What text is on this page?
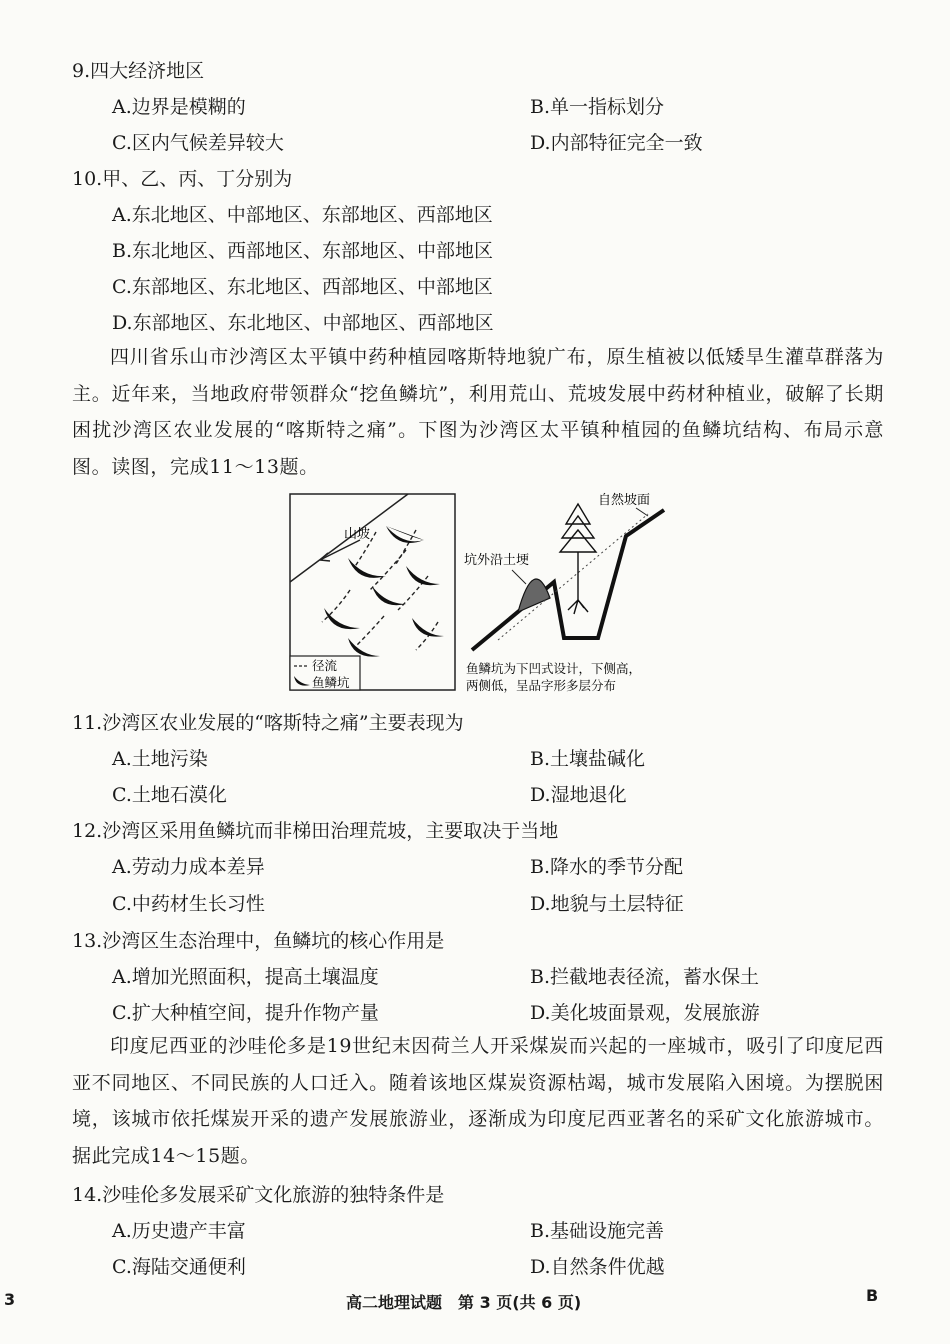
9.四大经济地区
A.边界是模糊的	B.单一指标划分
C.区内气候差异较大	D.内部特征完全一致
10.甲、乙、丙、丁分别为
A.东北地区、中部地区、东部地区、西部地区
B.东北地区、西部地区、东部地区、中部地区
C.东部地区、东北地区、西部地区、中部地区
D.东部地区、东北地区、中部地区、西部地区
四川省乐山市沙湾区太平镇中药种植园喀斯特地貌广布，原生植被以低矮旱生灌草群落为主。近年来，当地政府带领群众“挖鱼鳞坑”，利用荒山、荒坡发展中药材种植业，破解了长期困扰沙湾区农业发展的“喀斯特之痛”。下图为沙湾区太平镇种植园的鱼鳞坑结构、布局示意图。读图，完成11～13题。
山坡
径流
鱼鳞坑
自然坡面
坑外沿土埂
鱼鳞坑为下凹式设计，下侧高，
两侧低，呈品字形多层分布
11.沙湾区农业发展的“喀斯特之痛”主要表现为
A.土地污染	B.土壤盐碱化
C.土地石漠化	D.湿地退化
12.沙湾区采用鱼鳞坑而非梯田治理荒坡，主要取决于当地
A.劳动力成本差异	B.降水的季节分配
C.中药材生长习性	D.地貌与土层特征
13.沙湾区生态治理中，鱼鳞坑的核心作用是
A.增加光照面积，提高土壤温度	B.拦截地表径流，蓄水保土
C.扩大种植空间，提升作物产量	D.美化坡面景观，发展旅游
印度尼西亚的沙哇伦多是19世纪末因荷兰人开采煤炭而兴起的一座城市，吸引了印度尼西亚不同地区、不同民族的人口迁入。随着该地区煤炭资源枯竭，城市发展陷入困境。为摆脱困境，该城市依托煤炭开采的遗产发展旅游业，逐渐成为印度尼西亚著名的采矿文化旅游城市。据此完成14～15题。
14.沙哇伦多发展采矿文化旅游的独特条件是
A.历史遗产丰富	B.基础设施完善
C.海陆交通便利	D.自然条件优越
3	高二地理试题　第 3 页(共 6 页)	B
